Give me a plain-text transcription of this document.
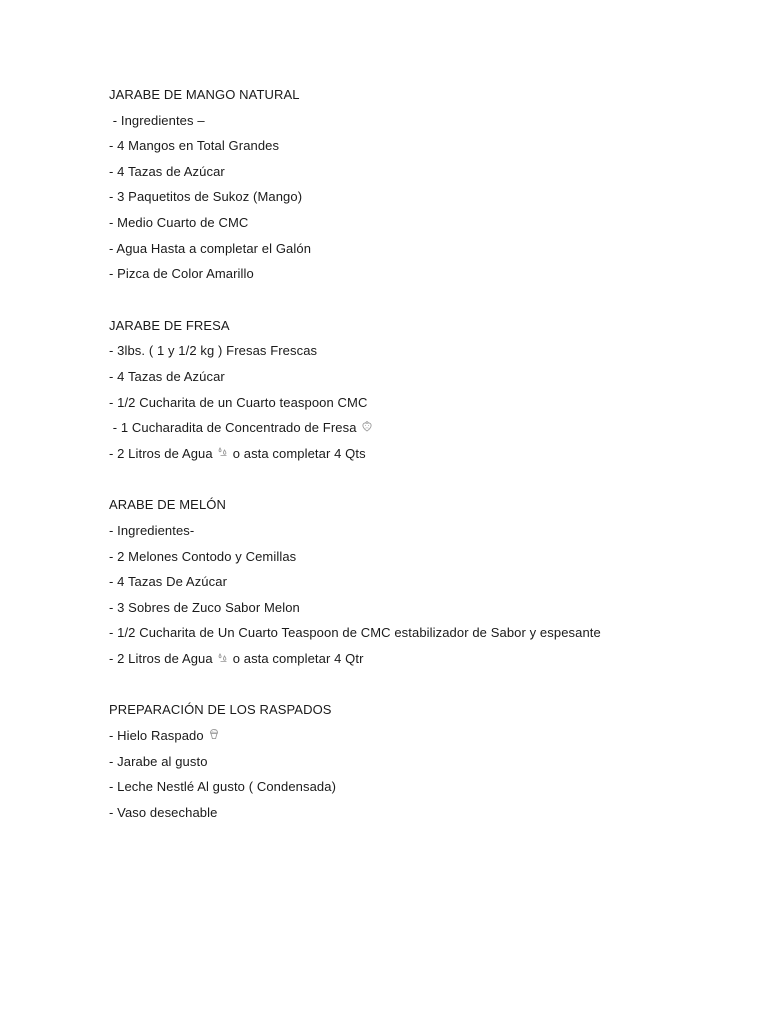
JARABE DE MANGO NATURAL
- Ingredientes –
- 4 Mangos en Total Grandes
- 4 Tazas de Azúcar
- 3 Paquetitos de Sukoz (Mango)
- Medio Cuarto de CMC
- Agua Hasta a completar el Galón
- Pizca de Color Amarillo
JARABE DE FRESA
- 3lbs. ( 1 y 1/2 kg ) Fresas Frescas
- 4 Tazas de Azúcar
- 1/2 Cucharita de un Cuarto teaspoon CMC
- 1 Cucharadita de Concentrado de Fresa
- 2 Litros de Agua o asta completar 4 Qts
ARABE DE MELÓN
- Ingredientes-
- 2 Melones Contodo y Cemillas
- 4 Tazas De Azúcar
- 3 Sobres de Zuco Sabor Melon
- 1/2 Cucharita de Un Cuarto Teaspoon de CMC estabilizador de Sabor y espesante
- 2 Litros de Agua o asta completar 4 Qtr
PREPARACIÓN DE LOS RASPADOS
- Hielo Raspado
- Jarabe al gusto
- Leche Nestlé Al gusto ( Condensada)
- Vaso desechable
